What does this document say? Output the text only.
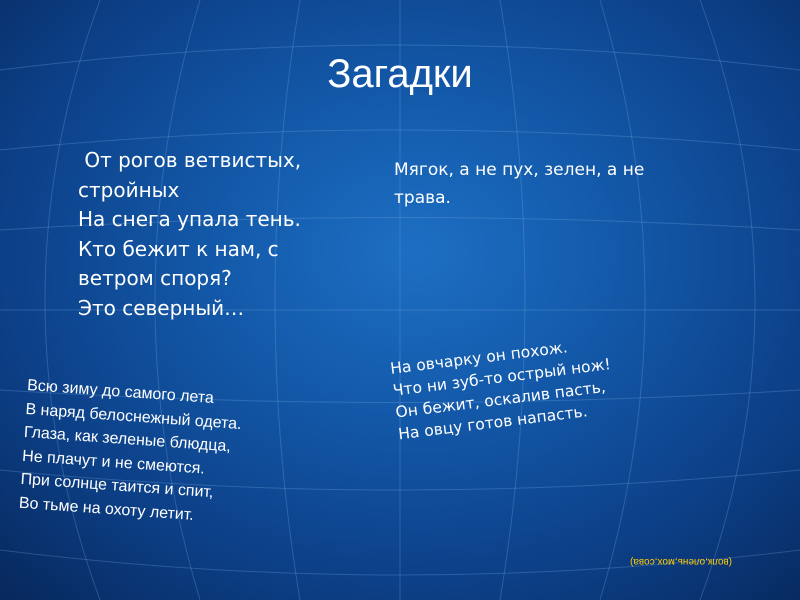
Загадки
От рогов ветвистых,
стройных
На снега упала тень.
Кто бежит к нам, с
ветром споря?
Это северный…
Мягок, а не пух, зелен, а не
трава.
Всю зиму до самого лета
В наряд белоснежный одета.
Глаза, как зеленые блюдца,
Не плачут и не смеются.
При солнце таится и спит,
Во тьме на охоту летит.
На овчарку он похож.
Что ни зуб-то острый нож!
Он бежит, оскалив пасть,
На овцу готов напасть.
(волк,олень,мох,сова)
